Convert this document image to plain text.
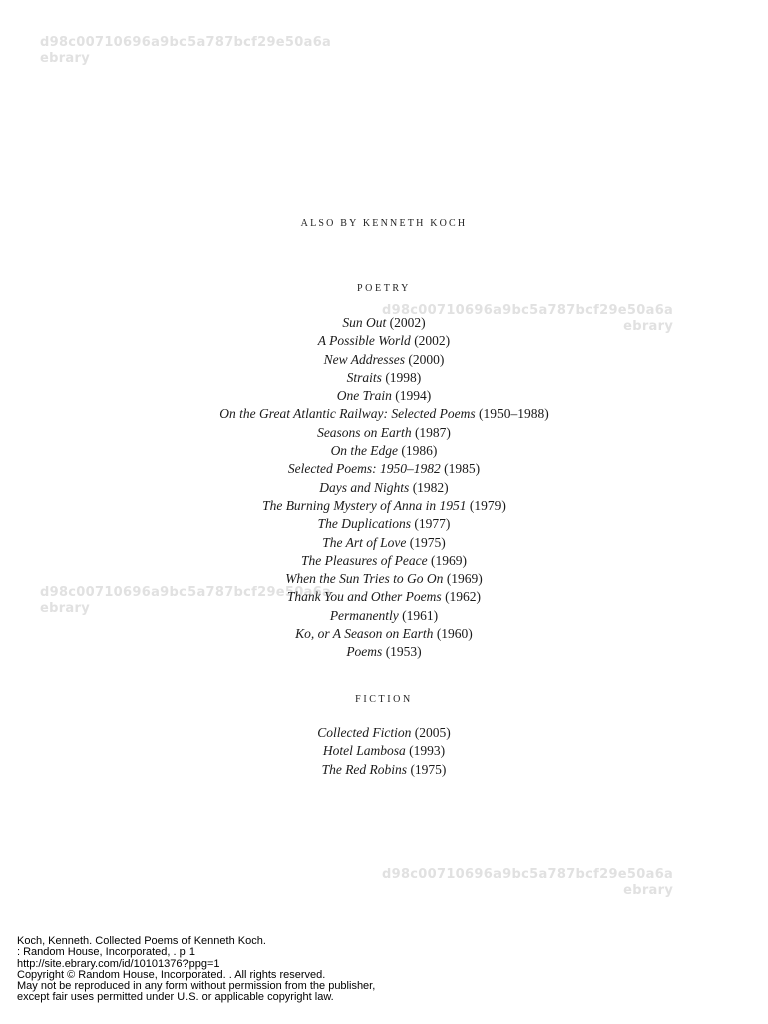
d98c00710696a9bc5a787bcf29e50a6a
ebrary
d98c00710696a9bc5a787bcf29e50a6a
ebrary
d98c00710696a9bc5a787bcf29e50a6a
ebrary
d98c00710696a9bc5a787bcf29e50a6a
ebrary
ALSO BY KENNETH KOCH
POETRY
Sun Out (2002)
A Possible World (2002)
New Addresses (2000)
Straits (1998)
One Train (1994)
On the Great Atlantic Railway: Selected Poems (1950–1988)
Seasons on Earth (1987)
On the Edge (1986)
Selected Poems: 1950–1982 (1985)
Days and Nights (1982)
The Burning Mystery of Anna in 1951 (1979)
The Duplications (1977)
The Art of Love (1975)
The Pleasures of Peace (1969)
When the Sun Tries to Go On (1969)
Thank You and Other Poems (1962)
Permanently (1961)
Ko, or A Season on Earth (1960)
Poems (1953)
FICTION
Collected Fiction (2005)
Hotel Lambosa (1993)
The Red Robins (1975)
Koch, Kenneth. Collected Poems of Kenneth Koch.
: Random House, Incorporated, . p 1
http://site.ebrary.com/id/10101376?ppg=1
Copyright © Random House, Incorporated. . All rights reserved.
May not be reproduced in any form without permission from the publisher,
except fair uses permitted under U.S. or applicable copyright law.
